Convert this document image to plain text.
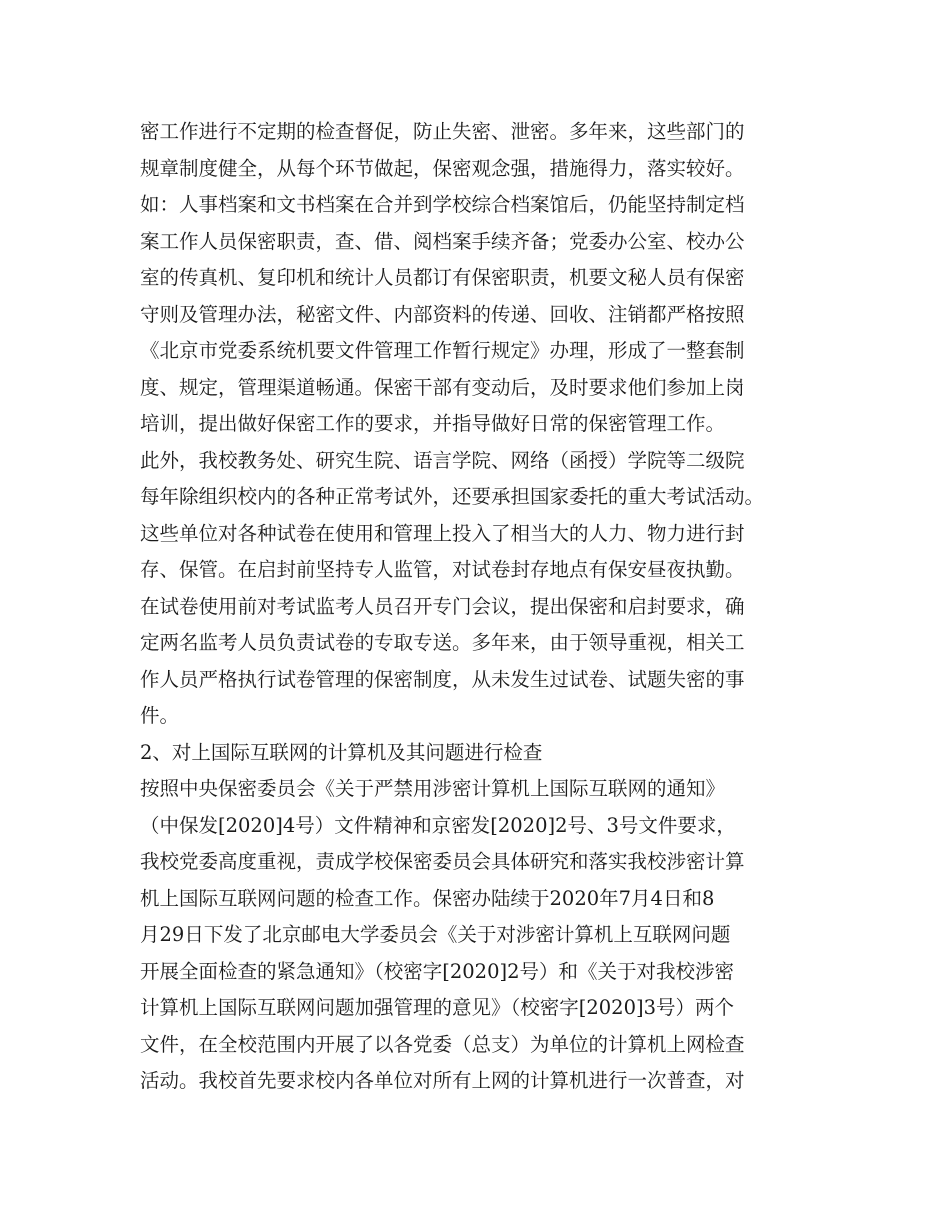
密工作进行不定期的检查督促，防止失密、泄密。多年来，这些部门的
规章制度健全，从每个环节做起，保密观念强，措施得力，落实较好。
如：人事档案和文书档案在合并到学校综合档案馆后，仍能坚持制定档
案工作人员保密职责，查、借、阅档案手续齐备；党委办公室、校办公
室的传真机、复印机和统计人员都订有保密职责，机要文秘人员有保密
守则及管理办法，秘密文件、内部资料的传递、回收、注销都严格按照
《北京市党委系统机要文件管理工作暂行规定》办理，形成了一整套制
度、规定，管理渠道畅通。保密干部有变动后，及时要求他们参加上岗
培训，提出做好保密工作的要求，并指导做好日常的保密管理工作。
此外，我校教务处、研究生院、语言学院、网络（函授）学院等二级院
每年除组织校内的各种正常考试外，还要承担国家委托的重大考试活动。
这些单位对各种试卷在使用和管理上投入了相当大的人力、物力进行封
存、保管。在启封前坚持专人监管，对试卷封存地点有保安昼夜执勤。
在试卷使用前对考试监考人员召开专门会议，提出保密和启封要求，确
定两名监考人员负责试卷的专取专送。多年来，由于领导重视，相关工
作人员严格执行试卷管理的保密制度，从未发生过试卷、试题失密的事
件。
2、对上国际互联网的计算机及其问题进行检查
按照中央保密委员会《关于严禁用涉密计算机上国际互联网的通知》
（中保发[2020]4号）文件精神和京密发[2020]2号、3号文件要求，
我校党委高度重视，责成学校保密委员会具体研究和落实我校涉密计算
机上国际互联网问题的检查工作。保密办陆续于2020年7月4日和8
月29日下发了北京邮电大学委员会《关于对涉密计算机上互联网问题
开展全面检查的紧急通知》（校密字[2020]2号）和《关于对我校涉密
计算机上国际互联网问题加强管理的意见》（校密字[2020]3号）两个
文件，在全校范围内开展了以各党委（总支）为单位的计算机上网检查
活动。我校首先要求校内各单位对所有上网的计算机进行一次普查，对
